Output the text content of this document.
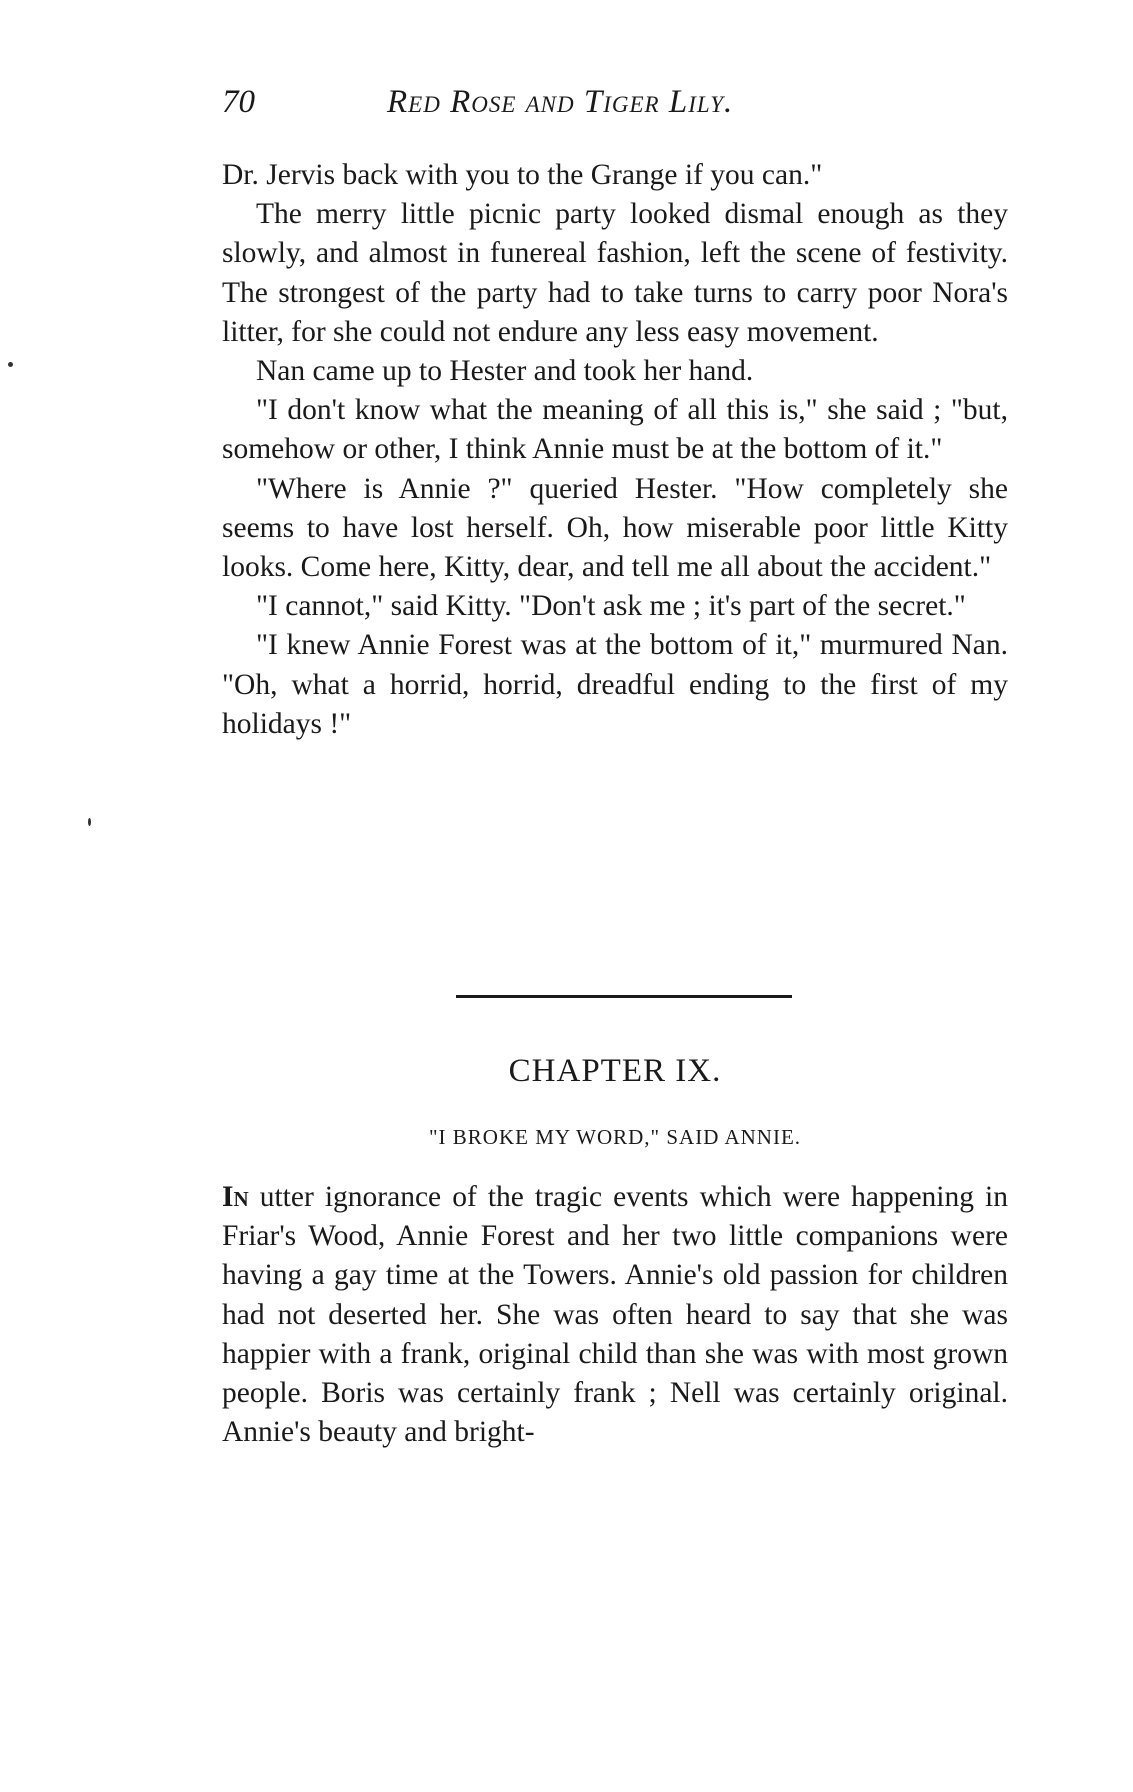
70	Red Rose and Tiger Lily.

Dr. Jervis back with you to the Grange if you can."

The merry little picnic party looked dismal enough as they slowly, and almost in funereal fashion, left the scene of festivity. The strongest of the party had to take turns to carry poor Nora's litter, for she could not endure any less easy movement.

Nan came up to Hester and took her hand.

"I don't know what the meaning of all this is," she said ; "but, somehow or other, I think Annie must be at the bottom of it."

"Where is Annie ?" queried Hester. "How completely she seems to have lost herself. Oh, how miserable poor little Kitty looks. Come here, Kitty, dear, and tell me all about the accident."

"I cannot," said Kitty. "Don't ask me ; it's part of the secret."

"I knew Annie Forest was at the bottom of it," murmured Nan. "Oh, what a horrid, horrid, dreadful ending to the first of my holidays !"

CHAPTER IX.
"I BROKE MY WORD," SAID ANNIE.

In utter ignorance of the tragic events which were happening in Friar's Wood, Annie Forest and her two little companions were having a gay time at the Towers. Annie's old passion for children had not deserted her. She was often heard to say that she was happier with a frank, original child than she was with most grown people. Boris was certainly frank ; Nell was certainly original. Annie's beauty and bright-
